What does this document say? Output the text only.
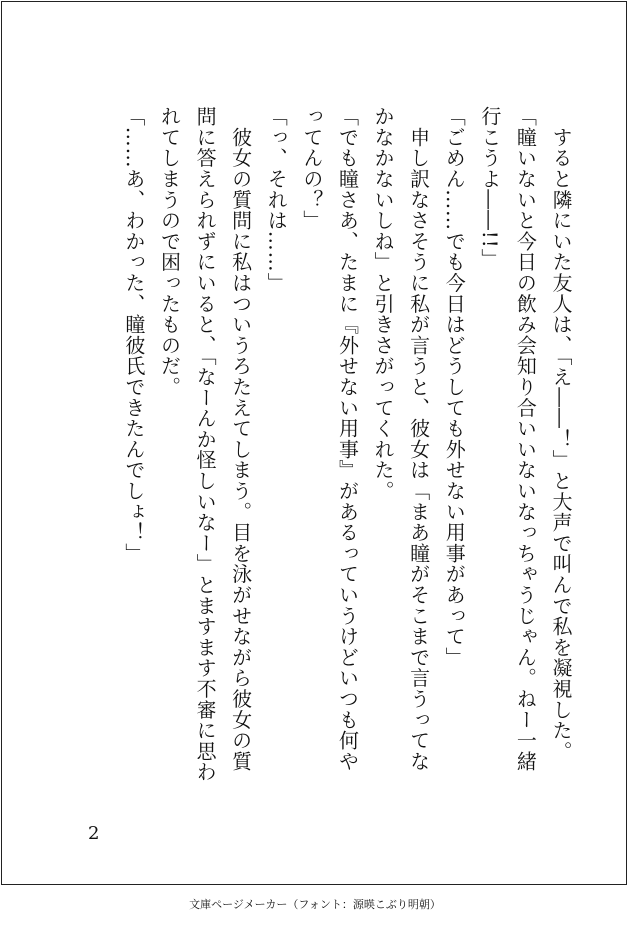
　すると隣にいた友人は、「え――！」と大声で叫んで私を凝視した。

「瞳いないと今日の飲み会知り合いいないなっちゃうじゃん。ねー一緒行こうよ――!!」

「ごめん……でも今日はどうしても外せない用事があって」

　申し訳なさそうに私が言うと、彼女は「まあ瞳がそこまで言うってなかなかないしね」と引きさがってくれた。

「でも瞳さあ、たまに『外せない用事』があるっていうけどいつも何やってんの？」

「っ、それは……」

　彼女の質問に私はついうろたえてしまう。目を泳がせながら彼女の質問に答えられずにいると、「なーんか怪しいなー」とますます不審に思われてしまうので困ったものだ。

「……あ、わかった、瞳彼氏できたんでしょ！」

2
文庫ページメーカー（フォント：源暎こぶり明朝）
